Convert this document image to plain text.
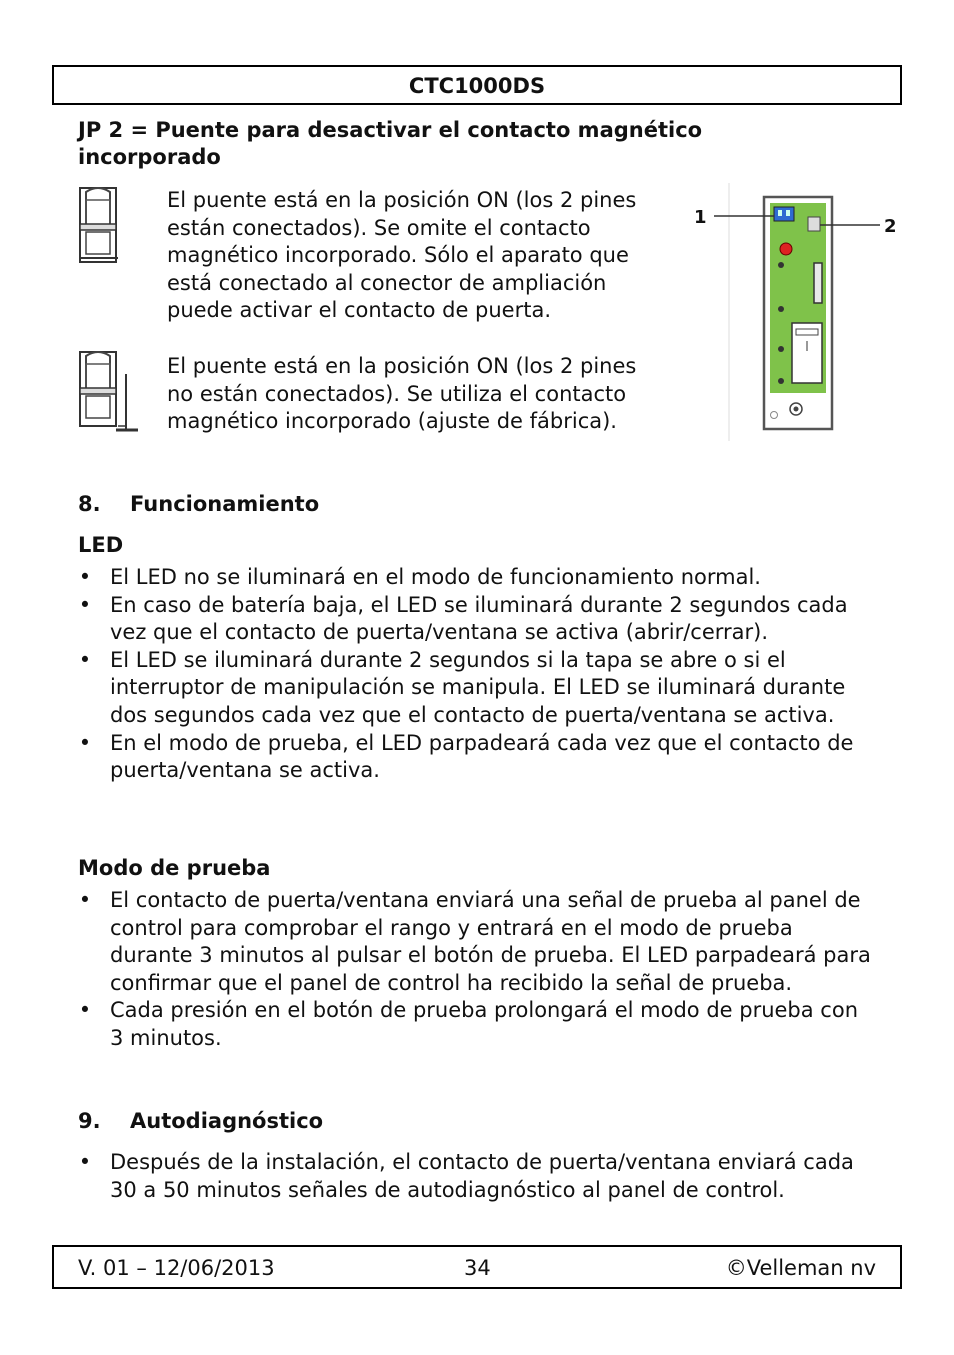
CTC1000DS
JP 2 = Puente para desactivar el contacto magnético incorporado
El puente está en la posición ON (los 2 pines están conectados). Se omite el contacto magnético incorporado. Sólo el aparato que está conectado al conector de ampliación puede activar el contacto de puerta.
El puente está en la posición ON (los 2 pines no están conectados). Se utiliza el contacto magnético incorporado (ajuste de fábrica).
1	2
8. Funcionamiento
LED
• El LED no se iluminará en el modo de funcionamiento normal.
• En caso de batería baja, el LED se iluminará durante 2 segundos cada vez que el contacto de puerta/ventana se activa (abrir/cerrar).
• El LED se iluminará durante 2 segundos si la tapa se abre o si el interruptor de manipulación se manipula. El LED se iluminará durante dos segundos cada vez que el contacto de puerta/ventana se activa.
• En el modo de prueba, el LED parpadeará cada vez que el contacto de puerta/ventana se activa.
Modo de prueba
• El contacto de puerta/ventana enviará una señal de prueba al panel de control para comprobar el rango y entrará en el modo de prueba durante 3 minutos al pulsar el botón de prueba. El LED parpadeará para confirmar que el panel de control ha recibido la señal de prueba.
• Cada presión en el botón de prueba prolongará el modo de prueba con 3 minutos.
9. Autodiagnóstico
• Después de la instalación, el contacto de puerta/ventana enviará cada 30 a 50 minutos señales de autodiagnóstico al panel de control.
V. 01 – 12/06/2013	34	©Velleman nv
